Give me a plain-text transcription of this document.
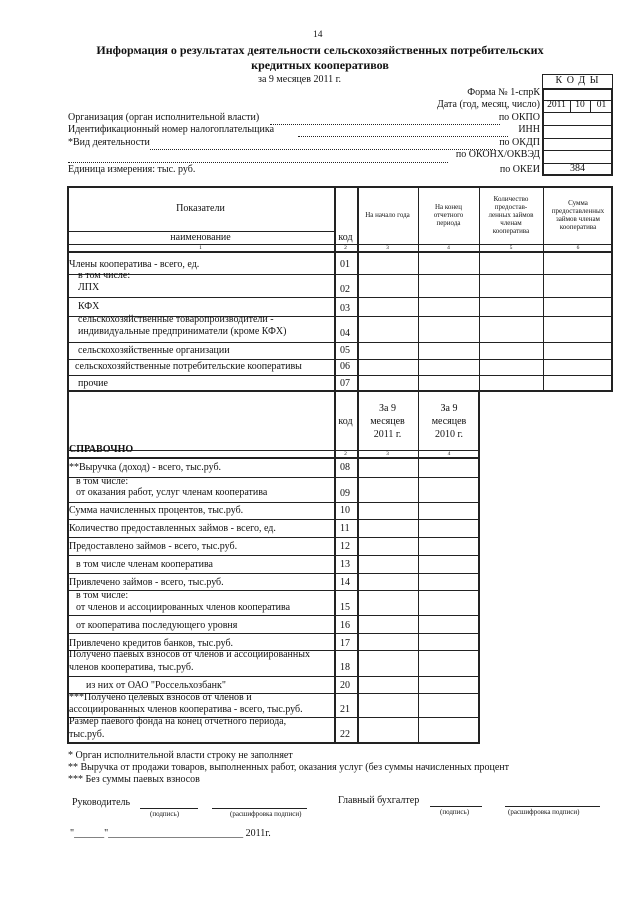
14
Информация о результатах деятельности сельскохозяйственных потребительских
кредитных кооперативов
за 9 месяцев 2011 г.	К О Д Ы
Форма № 1-спрК
Дата (год, месяц, число) 2011 10	01
Организация (орган исполнительной власти)	по ОКПО
Идентификационный номер налогоплательщика	ИНН
*Вид деятельности	по ОКДП
по ОКОНХ/ОКВЭД
Единица измерения: тыс. руб.	по ОКЕИ	384
Показатели
наименование	код
На начало года
На конец
отчетного
периода
Количество
предостав-
ленных займов
членам
кооператива
Сумма
предоставленных
займов членам
кооператива
1	2	3	4	5	6
Члены кооператива - всего, ед.	01
в том числе:
ЛПХ	02
КФХ	03
сельскохозяйственные товаропроизводители -
индивидуальные предприниматели (кроме КФХ)	04
сельскохозяйственные организации	05
сельскохозяйственные потребительские кооперативы	06
прочие	07
СПРАВОЧНО
код
За 9
месяцев
2011 г.
За 9
месяцев
2010 г.
2	3	4
**Выручка (доход) - всего, тыс.руб.	08
в том числе:
от оказания работ, услуг членам кооператива	09
Сумма начисленных процентов, тыс.руб.	10
Количество предоставленных займов - всего, ед.	11
Предоставлено займов - всего, тыс.руб.	12
в том числе членам кооператива	13
Привлечено займов - всего, тыс.руб.	14
в том числе:
от членов и ассоциированных членов кооператива	15
от кооператива последующего уровня	16
Привлечено кредитов банков, тыс.руб.	17
Получено паевых взносов от членов и ассоциированных
членов кооператива, тыс.руб.	18
из них от ОАО "Россельхозбанк"	20
***Получено целевых взносов от членов и
ассоциированных членов кооператива - всего, тыс.руб.	21
Размер паевого фонда на конец отчетного периода,
тыс.руб.	22
* Орган исполнительной власти строку не заполняет
** Выручка от продажи товаров, выполненных работ, оказания услуг (без суммы начисленных процент
*** Без суммы паевых взносов
Руководитель
(подпись)	(расшифровка подписи)
Главный бухгалтер
(подпись)	(расшифровка подписи)
"______"___________________________ 2011г.
